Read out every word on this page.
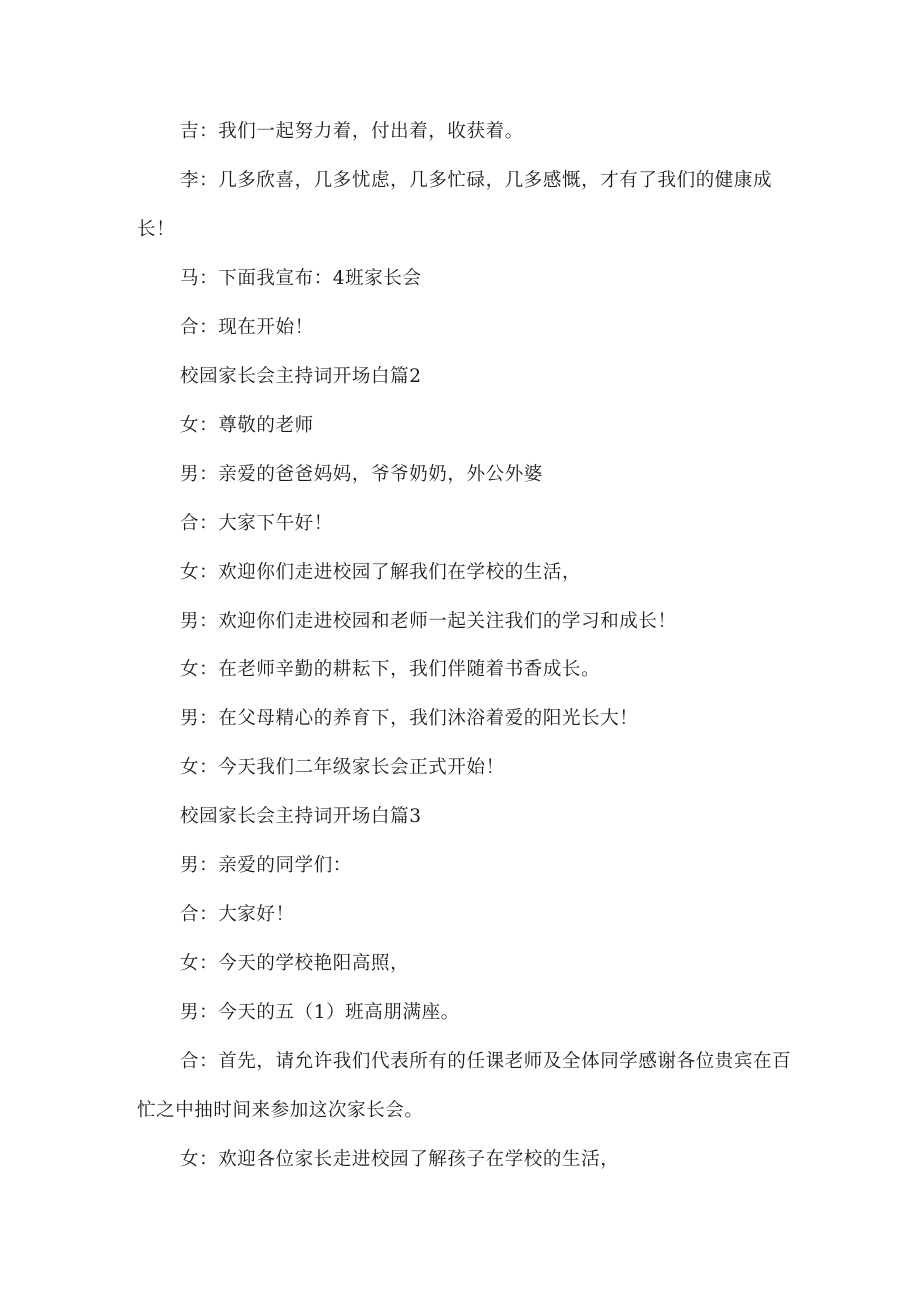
吉：我们一起努力着，付出着，收获着。

李：几多欣喜，几多忧虑，几多忙碌，几多感慨，才有了我们的健康成长！

马：下面我宣布：4班家长会

合：现在开始！

校园家长会主持词开场白篇2

女：尊敬的老师

男：亲爱的爸爸妈妈，爷爷奶奶，外公外婆

合：大家下午好！

女：欢迎你们走进校园了解我们在学校的生活，

男：欢迎你们走进校园和老师一起关注我们的学习和成长！

女：在老师辛勤的耕耘下，我们伴随着书香成长。

男：在父母精心的养育下，我们沐浴着爱的阳光长大！

女：今天我们二年级家长会正式开始！

校园家长会主持词开场白篇3

男：亲爱的同学们：

合：大家好！

女：今天的学校艳阳高照，

男：今天的五（1）班高朋满座。

合：首先，请允许我们代表所有的任课老师及全体同学感谢各位贵宾在百忙之中抽时间来参加这次家长会。

女：欢迎各位家长走进校园了解孩子在学校的生活，
